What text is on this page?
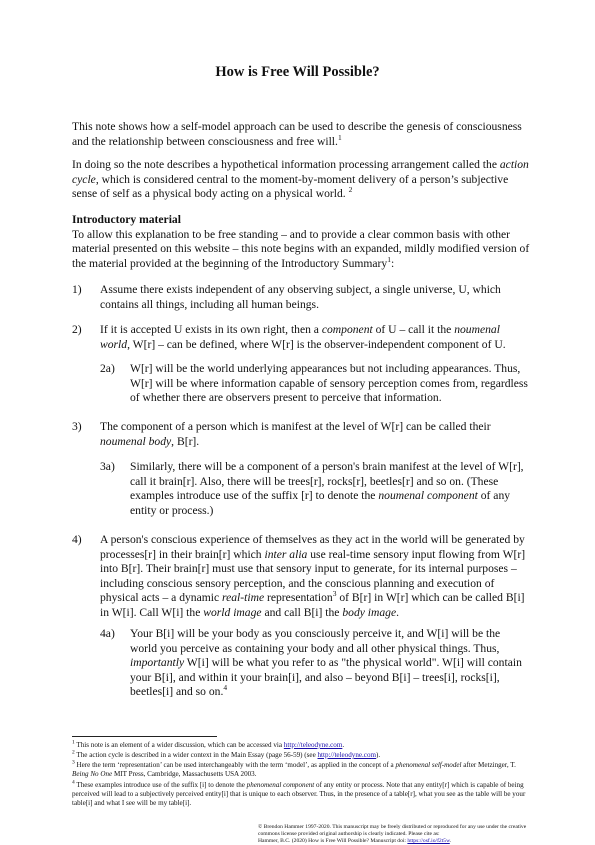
How is Free Will Possible?

This note shows how a self-model approach can be used to describe the genesis of consciousness and the relationship between consciousness and free will.$^1$

In doing so the note describes a hypothetical information processing arrangement called the action cycle, which is considered central to the moment-by-moment delivery of a person’s subjective sense of self as a physical body acting on a physical world. $^2$

Introductory material
To allow this explanation to be free standing – and to provide a clear common basis with other material presented on this website – this note begins with an expanded, mildly modified version of the material provided at the beginning of the Introductory Summary$^1$:

1)	Assume there exists independent of any observing subject, a single universe, U, which contains all things, including all human beings.
2)	If it is accepted U exists in its own right, then a component of U – call it the noumenal world, W[r] – can be defined, where W[r] is the observer-independent component of U.
2a)	W[r] will be the world underlying appearances but not including appearances. Thus, W[r] will be where information capable of sensory perception comes from, regardless of whether there are observers present to perceive that information.
3)	The component of a person which is manifest at the level of W[r] can be called their noumenal body, B[r].
3a)	Similarly, there will be a component of a person's brain manifest at the level of W[r], call it brain[r]. Also, there will be trees[r], rocks[r], beetles[r] and so on. (These examples introduce use of the suffix [r] to denote the noumenal component of any entity or process.)
4)	A person's conscious experience of themselves as they act in the world will be generated by processes[r] in their brain[r] which inter alia use real-time sensory input flowing from W[r] into B[r]. Their brain[r] must use that sensory input to generate, for its internal purposes – including conscious sensory perception, and the conscious planning and execution of physical acts – a dynamic real-time representation$^3$ of B[r] in W[r] which can be called B[i] in W[i]. Call W[i] the world image and call B[i] the body image.
4a)	Your B[i] will be your body as you consciously perceive it, and W[i] will be the world you perceive as containing your body and all other physical things. Thus, importantly W[i] will be what you refer to as "the physical world". W[i] will contain your B[i], and within it your brain[i], and also – beyond B[i] – trees[i], rocks[i], beetles[i] and so on.$^4$
$^1$ This note is an element of a wider discussion, which can be accessed via http://teleodyne.com.
$^2$ The action cycle is described in a wider context in the Main Essay (page 56-59) (see http://teleodyne.com).
$^3$ Here the term ‘representation’ can be used interchangeably with the term ‘model’, as applied in the concept of a phenomenal self-model after Metzinger, T. Being No One MIT Press, Cambridge, Massachusetts USA 2003.
$^4$ These examples introduce use of the suffix [i] to denote the phenomenal component of any entity or process. Note that any entity[r] which is capable of being perceived will lead to a subjectively perceived entity[i] that is unique to each observer. Thus, in the presence of a table[r], what you see as the table will be your table[i] and what I see will be my table[i].
© Brendon Hammer 1997-2020. This manuscript may be freely distributed or reproduced for any use under the creative commons license provided original authorship is clearly indicated. Please cite as:
Hammer, B.C. (2020) How is Free Will Possible? Manuscript doi: https://osf.io/f2t5w.
